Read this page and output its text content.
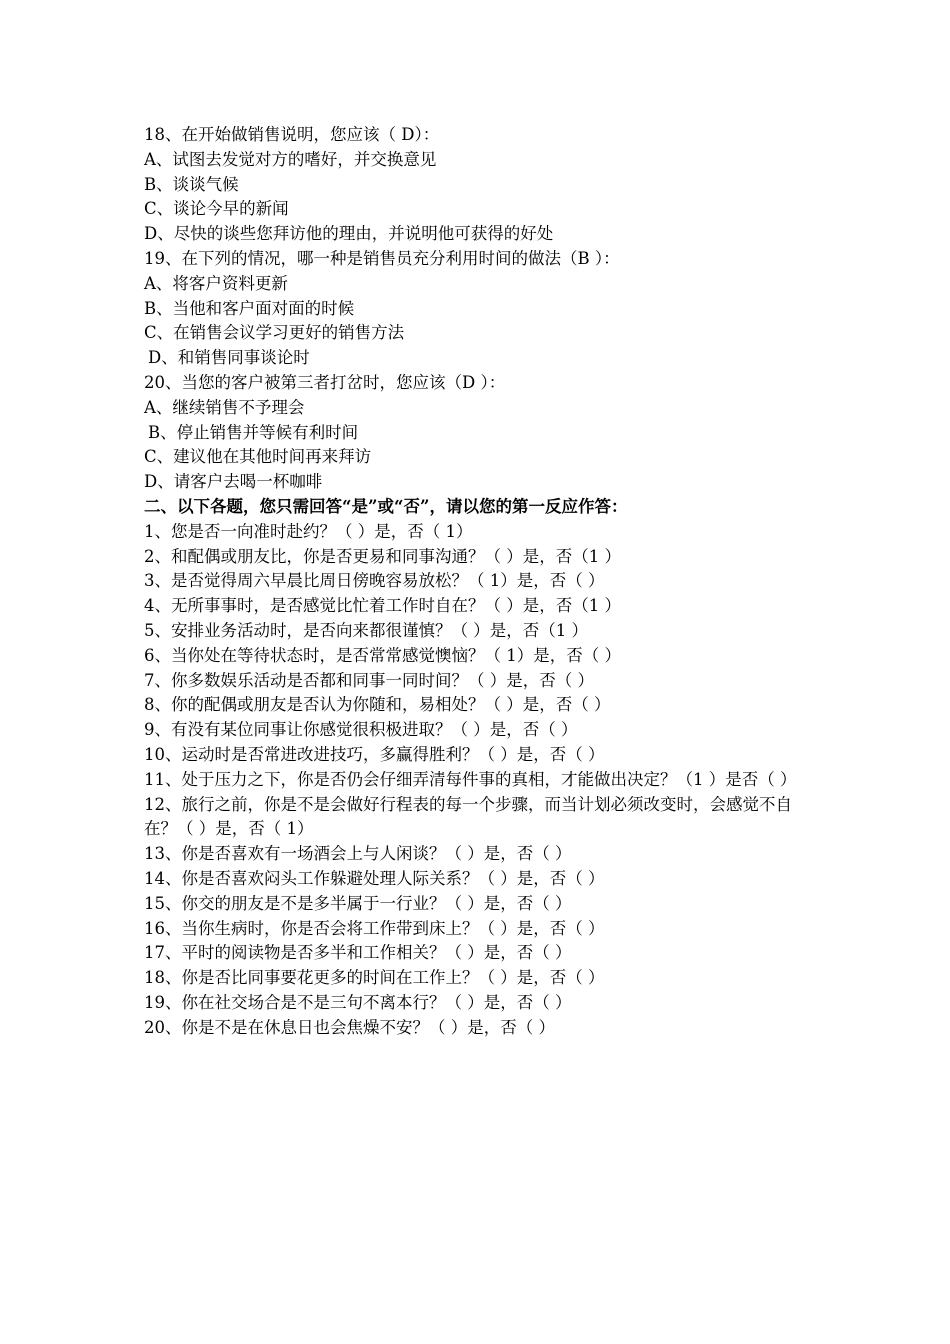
18、在开始做销售说明，您应该（ D）：
A、试图去发觉对方的嗜好，并交换意见
B、谈谈气候
C、谈论今早的新闻
D、尽快的谈些您拜访他的理由，并说明他可获得的好处
19、在下列的情况，哪一种是销售员充分利用时间的做法（B ）：
A、将客户资料更新
B、当他和客户面对面的时候
C、在销售会议学习更好的销售方法
D、和销售同事谈论时
20、当您的客户被第三者打岔时，您应该（D ）：
A、继续销售不予理会
B、停止销售并等候有利时间
C、建议他在其他时间再来拜访
D、请客户去喝一杯咖啡
二、以下各题，您只需回答“是”或“否”，请以您的第一反应作答：
1、您是否一向准时赴约？（ ）是，否（ 1）
2、和配偶或朋友比，你是否更易和同事沟通？（ ）是，否（1 ）
3、是否觉得周六早晨比周日傍晚容易放松？（ 1）是，否（ ）
4、无所事事时，是否感觉比忙着工作时自在？（ ）是，否（1 ）
5、安排业务活动时，是否向来都很谨慎？（ ）是，否（1 ）
6、当你处在等待状态时，是否常常感觉懊恼？（ 1）是，否（ ）
7、你多数娱乐活动是否都和同事一同时间？（ ）是，否（ ）
8、你的配偶或朋友是否认为你随和，易相处？（ ）是，否（ ）
9、有没有某位同事让你感觉很积极进取？（ ）是，否（ ）
10、运动时是否常进改进技巧，多赢得胜利？（ ）是，否（ ）
11、处于压力之下，你是否仍会仔细弄清每件事的真相，才能做出决定？（1 ）是否（ ）
12、旅行之前，你是不是会做好行程表的每一个步骤，而当计划必须改变时，会感觉不自在？（ ）是，否（ 1）
13、你是否喜欢有一场酒会上与人闲谈？（ ）是，否（ ）
14、你是否喜欢闷头工作躲避处理人际关系？（ ）是，否（ ）
15、你交的朋友是不是多半属于一行业？（ ）是，否（ ）
16、当你生病时，你是否会将工作带到床上？（ ）是，否（ ）
17、平时的阅读物是否多半和工作相关？（ ）是，否（ ）
18、你是否比同事要花更多的时间在工作上？（ ）是，否（ ）
19、你在社交场合是不是三句不离本行？（ ）是，否（ ）
20、你是不是在休息日也会焦燥不安？（ ）是，否（ ）
